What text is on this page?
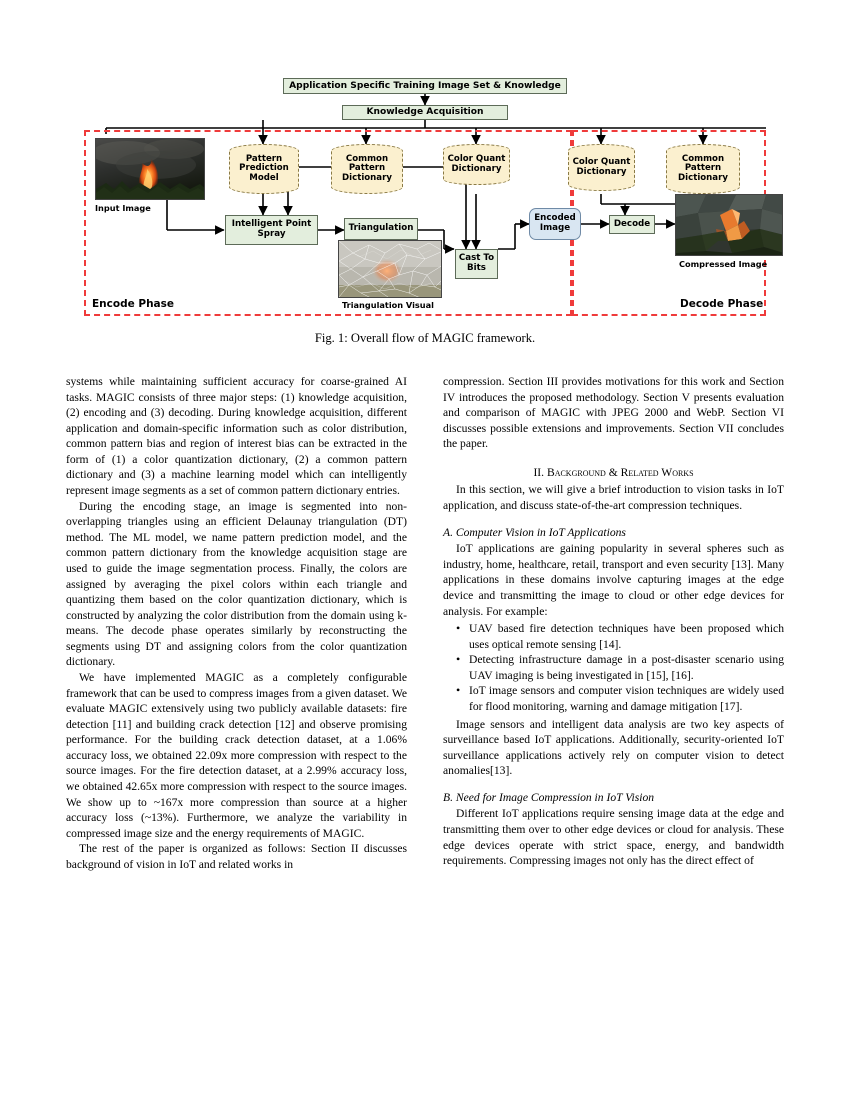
Encode Phase	Decode Phase
Application Specific Training Image Set & Knowledge
Knowledge Acquisition
Pattern Prediction Model
Common Pattern Dictionary
Color Quant Dictionary
Color Quant Dictionary
Common Pattern Dictionary
Intelligent Point Spray
Triangulation
Cast To Bits
Encoded Image	Decode
Input Image
Triangulation Visual
Compressed Image
Fig. 1: Overall flow of MAGIC framework.

systems while maintaining sufficient accuracy for coarse-grained AI tasks. MAGIC consists of three major steps: (1) knowledge acquisition, (2) encoding and (3) decoding. During knowledge acquisition, different application and domain-specific information such as color distribution, common pattern bias and region of interest bias can be extracted in the form of (1) a color quantization dictionary, (2) a common pattern dictionary and (3) a machine learning model which can intelligently represent image segments as a set of common pattern dictionary entries.

During the encoding stage, an image is segmented into non-overlapping triangles using an efficient Delaunay triangulation (DT) method. The ML model, we name pattern prediction model, and the common pattern dictionary from the knowledge acquisition stage are used to guide the image segmentation process. Finally, the colors are assigned by averaging the pixel colors within each triangle and quantizing them based on the color quantization dictionary, which is constructed by analyzing the color distribution from the domain using k-means. The decode phase operates similarly by reconstructing the segments using DT and assigning colors from the color quantization dictionary.

We have implemented MAGIC as a completely configurable framework that can be used to compress images from a given dataset. We evaluate MAGIC extensively using two publicly available datasets: fire detection [11] and building crack detection [12] and observe promising performance. For the building crack detection dataset, at a 1.06% accuracy loss, we obtained 22.09x more compression with respect to the source images. For the fire detection dataset, at a 2.99% accuracy loss, we obtained 42.65x more compression with respect to the source images. We show up to ~167x more compression than source at a higher accuracy loss (~13%). Furthermore, we analyze the variability in compressed image size and the energy requirements of MAGIC.

The rest of the paper is organized as follows: Section II discusses background of vision in IoT and related works in

compression. Section III provides motivations for this work and Section IV introduces the proposed methodology. Section V presents evaluation and comparison of MAGIC with JPEG 2000 and WebP. Section VI discusses possible extensions and improvements. Section VII concludes the paper.

II. Background & Related Works

In this section, we will give a brief introduction to vision tasks in IoT application, and discuss state-of-the-art compression techniques.

A. Computer Vision in IoT Applications

IoT applications are gaining popularity in several spheres such as industry, home, healthcare, retail, transport and even security [13]. Many applications in these domains involve capturing images at the edge device and transmitting the image to cloud or other edge devices for analysis. For example:

• UAV based fire detection techniques have been proposed which uses optical remote sensing [14].
• Detecting infrastructure damage in a post-disaster scenario using UAV imaging is being investigated in [15], [16].
• IoT image sensors and computer vision techniques are widely used for flood monitoring, warning and damage mitigation [17].

Image sensors and intelligent data analysis are two key aspects of surveillance based IoT applications. Additionally, security-oriented IoT surveillance applications actively rely on computer vision to detect anomalies[13].

B. Need for Image Compression in IoT Vision

Different IoT applications require sensing image data at the edge and transmitting them over to other edge devices or cloud for analysis. These edge devices operate with strict space, energy, and bandwidth requirements. Compressing images not only has the direct effect of
